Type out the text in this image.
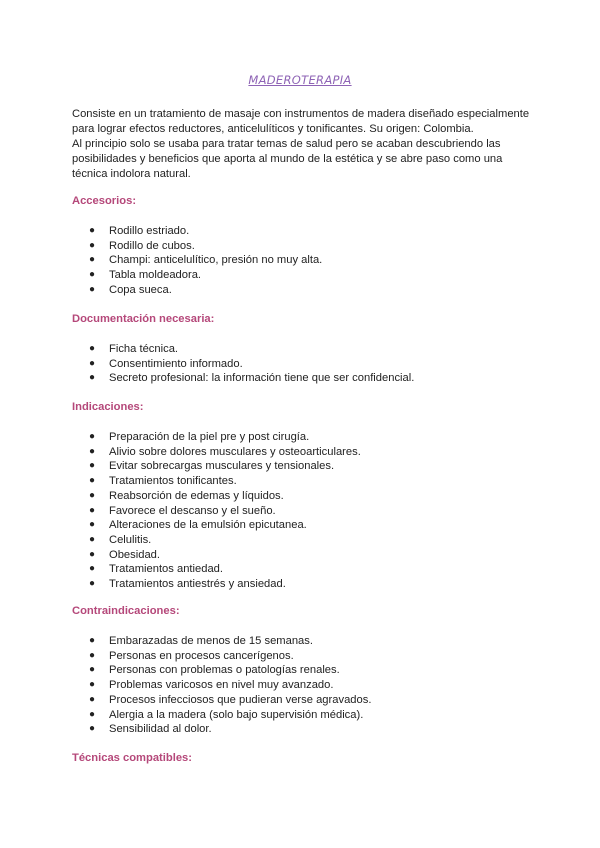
MADEROTERAPIA

Consiste en un tratamiento de masaje con instrumentos de madera diseñado especialmente

para lograr efectos reductores, anticelulíticos y tonificantes. Su origen: Colombia.

Al principio solo se usaba para tratar temas de salud pero se acaban descubriendo las

posibilidades y beneficios que aporta al mundo de la estética y se abre paso como una

técnica indolora natural.

Accesorios:
● Rodillo estriado.
● Rodillo de cubos.
● Champi: anticelulítico, presión no muy alta.
● Tabla moldeadora.
● Copa sueca.
Documentación necesaria:
● Ficha técnica.
● Consentimiento informado.
● Secreto profesional: la información tiene que ser confidencial.
Indicaciones:
● Preparación de la piel pre y post cirugía.
● Alivio sobre dolores musculares y osteoarticulares.
● Evitar sobrecargas musculares y tensionales.
● Tratamientos tonificantes.
● Reabsorción de edemas y líquidos.
● Favorece el descanso y el sueño.
● Alteraciones de la emulsión epicutanea.
● Celulitis.
● Obesidad.
● Tratamientos antiedad.
● Tratamientos antiestrés y ansiedad.
Contraindicaciones:
● Embarazadas de menos de 15 semanas.
● Personas en procesos cancerígenos.
● Personas con problemas o patologías renales.
● Problemas varicosos en nivel muy avanzado.
● Procesos infecciosos que pudieran verse agravados.
● Alergia a la madera (solo bajo supervisión médica).
● Sensibilidad al dolor.
Técnicas compatibles:
